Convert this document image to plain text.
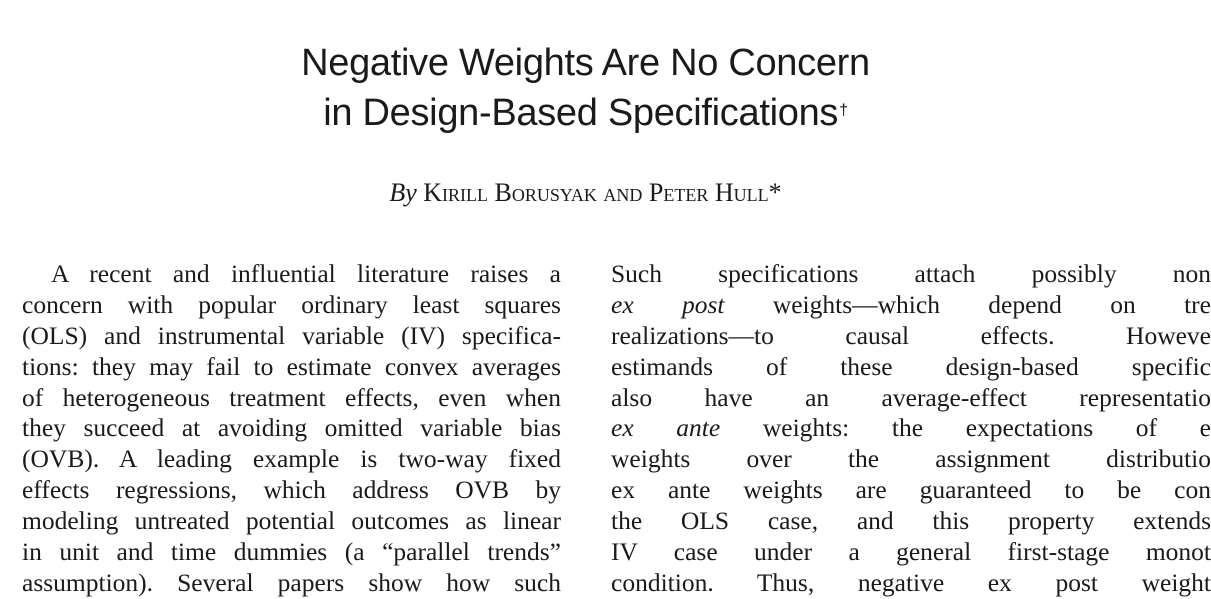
Negative Weights Are No Concern
in Design-Based Specifications†
By Kirill Borusyak and Peter Hull*
A recent and influential literature raises a
concern with popular ordinary least squares
(OLS) and instrumental variable (IV) specifica-
tions: they may fail to estimate convex averages
of heterogeneous treatment effects, even when
they succeed at avoiding omitted variable bias
(OVB). A leading example is two-way fixed
effects regressions, which address OVB by
modeling untreated potential outcomes as linear
in unit and time dummies (a “parallel trends”
assumption). Several papers show how such
Such specifications attach possibly non
ex post weights—which depend on tre
realizations—to causal effects. Howeve
estimands of these design-based specific
also have an average-effect representatio
ex ante weights: the expectations of e
weights over the assignment distributio
ex ante weights are guaranteed to be con
the OLS case, and this property extends
IV case under a general first-stage monot
condition. Thus, negative ex post weight
